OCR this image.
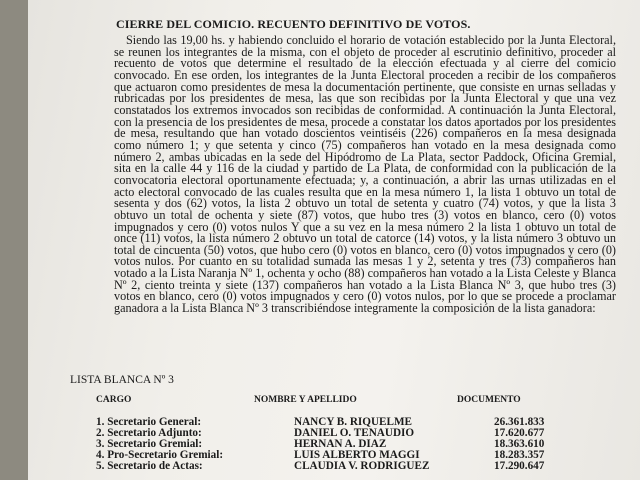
CIERRE DEL COMICIO. RECUENTO DEFINITIVO DE VOTOS.
Siendo las 19,00 hs. y habiendo concluido el horario de votación establecido por la Junta Electoral, se reunen los integrantes de la misma, con el objeto de proceder al escrutinio definitivo, proceder al recuento de votos que determine el resultado de la elección efectuada y al cierre del comicio convocado. En ese orden, los integrantes de la Junta Electoral proceden a recibir de los compañeros que actuaron como presidentes de mesa la documentación pertinente, que consiste en urnas selladas y rubricadas por los presidentes de mesa, las que son recibidas por la Junta Electoral y que una vez constatados los extremos invocados son recibidas de conformidad. A continuación la Junta Electoral, con la presencia de los presidentes de mesa, procede a constatar los datos aportados por los presidentes de mesa, resultando que han votado doscientos veintiséis (226) compañeros en la mesa designada como número 1; y que setenta y cinco (75) compañeros han votado en la mesa designada como número 2, ambas ubicadas en la sede del Hipódromo de La Plata, sector Paddock, Oficina Gremial, sita en la calle 44 y 116 de la ciudad y partido de La Plata, de conformidad con la publicación de la convocatoria electoral oportunamente efectuada; y, a continuación, a abrir las urnas utilizadas en el acto electoral convocado de las cuales resulta que en la mesa número 1, la lista 1 obtuvo un total de sesenta y dos (62) votos, la lista 2 obtuvo un total de setenta y cuatro (74) votos, y que la lista 3 obtuvo un total de ochenta y siete (87) votos, que hubo tres (3) votos en blanco, cero (0) votos impugnados y cero (0) votos nulos Y que a su vez en la mesa número 2 la lista 1 obtuvo un total de once (11) votos, la lista número 2 obtuvo un total de catorce (14) votos, y la lista número 3 obtuvo un total de cincuenta (50) votos, que hubo cero (0) votos en blanco, cero (0) votos impugnados y cero (0) votos nulos. Por cuanto en su totalidad sumada las mesas 1 y 2, setenta y tres (73) compañeros han votado a la Lista Naranja Nº 1, ochenta y ocho (88) compañeros han votado a la Lista Celeste y Blanca Nº 2, ciento treinta y siete (137) compañeros han votado a la Lista Blanca Nº 3, que hubo tres (3) votos en blanco, cero (0) votos impugnados y cero (0) votos nulos, por lo que se procede a proclamar ganadora a la Lista Blanca Nº 3 transcribiéndose integramente la composición de la lista ganadora:
LISTA BLANCA Nº 3
CARGO	NOMBRE Y APELLIDO	DOCUMENTO
1. Secretario General:	NANCY B. RIQUELME	26.361.833
2. Secretario Adjunto:	DANIEL O. TENAUDIO	17.620.677
3. Secretario Gremial:	HERNAN A. DIAZ	18.363.610
4. Pro-Secretario Gremial:	LUIS ALBERTO MAGGI	18.283.357
5. Secretario de Actas:	CLAUDIA V. RODRIGUEZ	17.290.647
